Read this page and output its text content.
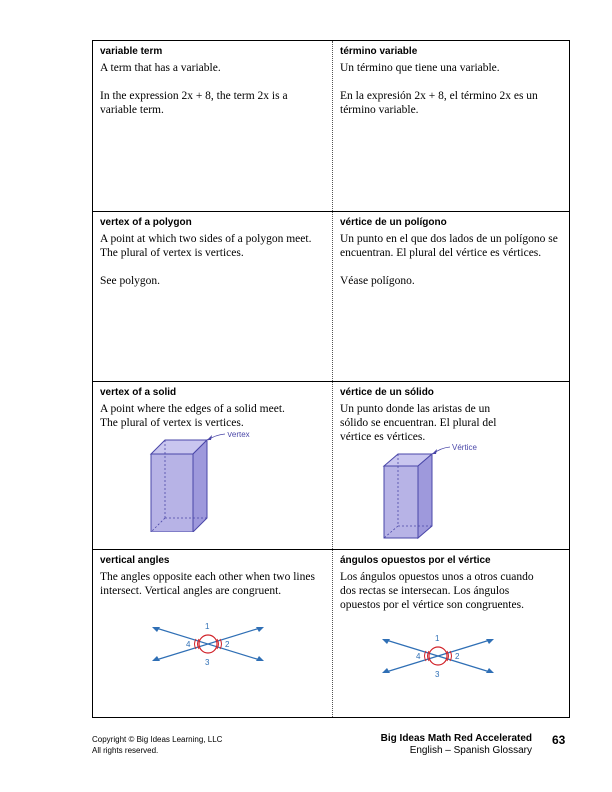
variable term

A term that has a variable.

In the expression 2x + 8, the term 2x is a variable term.

término variable

Un término que tiene una variable.

En la expresión 2x + 8, el término 2x es un término variable.

vertex of a polygon

A point at which two sides of a polygon meet. The plural of vertex is vertices.

See polygon.

vértice de un polígono

Un punto en el que dos lados de un polígono se encuentran. El plural del vértice es vértices.

Véase polígono.

vertex of a solid

A point where the edges of a solid meet. The plural of vertex is vertices.

Vertex
vértice de un sólido

Un punto donde las aristas de un sólido se encuentran. El plural del vértice es vértices.

Vértice
vertical angles

The angles opposite each other when two lines intersect. Vertical angles are congruent.

1
2
3
4
ángulos opuestos por el vértice

Los ángulos opuestos unos a otros cuando dos rectas se intersecan. Los ángulos opuestos por el vértice son congruentes.

1
2
3
4
Copyright © Big Ideas Learning, LLC
All rights reserved.
Big Ideas Math Red Accelerated
English – Spanish Glossary
63
